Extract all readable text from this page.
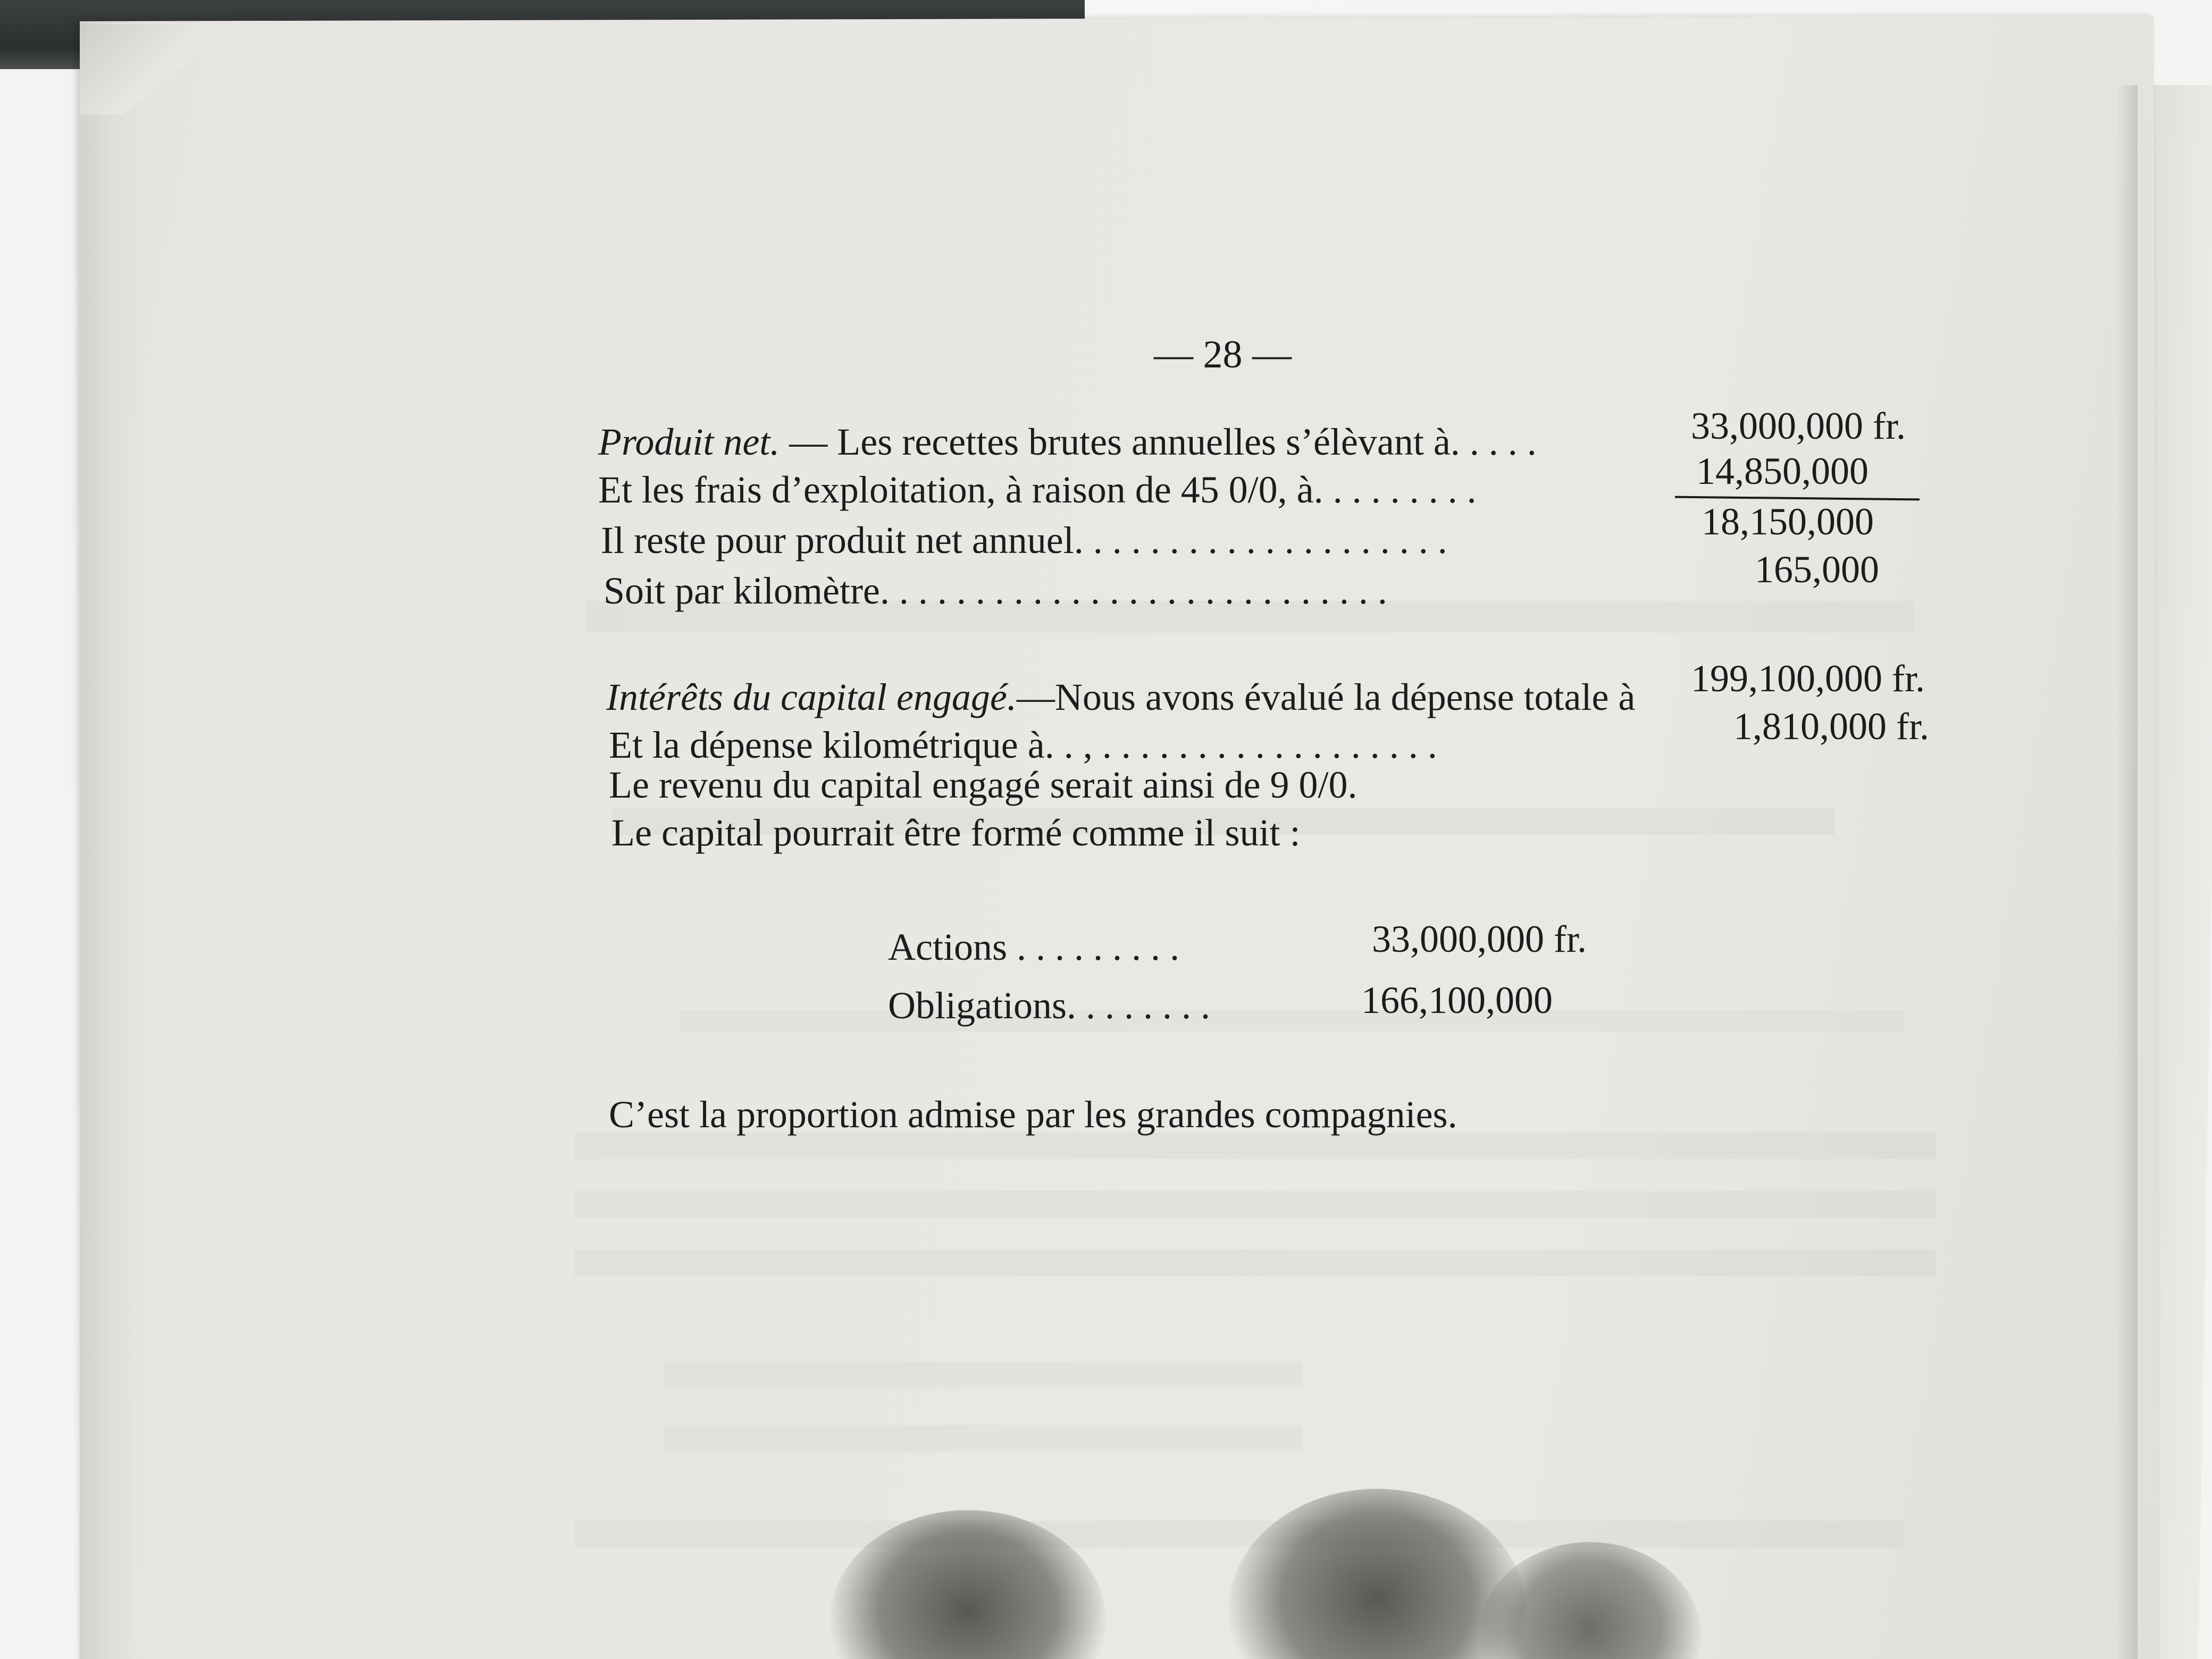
— 28 —
Produit net. — Les recettes brutes annuelles s’élèvant à. . . . .	33,000,000 fr.
Et les frais d’exploitation, à raison de 45 0/0, à. . . . . . . . .	14,850,000
Il reste pour produit net annuel. . . . . . . . . . . . . . . . . . . .	18,150,000
Soit par kilomètre. . . . . . . . . . . . . . . . . . . . . . . . . . .	165,000
Intérêts du capital engagé.—Nous avons évalué la dépense totale à 199,100,000 fr.
Et la dépense kilométrique à. . , . . . . . . . . . . . . . . . . . .	1,810,000 fr.
Le revenu du capital engagé serait ainsi de 9 0/0.
Le capital pourrait être formé comme il suit :
Actions . . . . . . . . .	33,000,000 fr.
Obligations. . . . . . . .	166,100,000
C’est la proportion admise par les grandes compagnies.
